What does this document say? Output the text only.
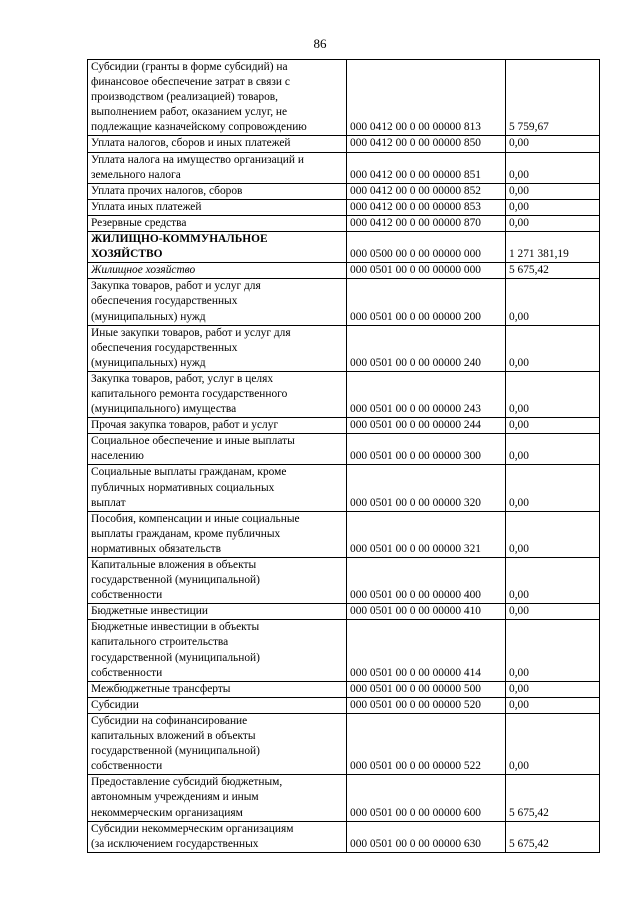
86
Субсидии (гранты в форме субсидий) на
финансовое обеспечение затрат в связи с
производством (реализацией) товаров,
выполнением работ, оказанием услуг, не
подлежащие казначейскому сопровождению	000 0412 00 0 00 00000 813	5 759,67

Уплата налогов, сборов и иных платежей	000 0412 00 0 00 00000 850	0,00

Уплата налога на имущество организаций и
земельного налога	000 0412 00 0 00 00000 851	0,00

Уплата прочих налогов, сборов	000 0412 00 0 00 00000 852	0,00

Уплата иных платежей	000 0412 00 0 00 00000 853	0,00

Резервные средства	000 0412 00 0 00 00000 870	0,00

ЖИЛИЩНО-КОММУНАЛЬНОЕ
ХОЗЯЙСТВО	000 0500 00 0 00 00000 000	1 271 381,19

Жилищное хозяйство	000 0501 00 0 00 00000 000	5 675,42

Закупка товаров, работ и услуг для
обеспечения государственных
(муниципальных) нужд	000 0501 00 0 00 00000 200	0,00

Иные закупки товаров, работ и услуг для
обеспечения государственных
(муниципальных) нужд	000 0501 00 0 00 00000 240	0,00

Закупка товаров, работ, услуг в целях
капитального ремонта государственного
(муниципального) имущества	000 0501 00 0 00 00000 243	0,00

Прочая закупка товаров, работ и услуг	000 0501 00 0 00 00000 244	0,00

Социальное обеспечение и иные выплаты
населению	000 0501 00 0 00 00000 300	0,00

Социальные выплаты гражданам, кроме
публичных нормативных социальных
выплат	000 0501 00 0 00 00000 320	0,00

Пособия, компенсации и иные социальные
выплаты гражданам, кроме публичных
нормативных обязательств	000 0501 00 0 00 00000 321	0,00

Капитальные вложения в объекты
государственной (муниципальной)
собственности	000 0501 00 0 00 00000 400	0,00

Бюджетные инвестиции	000 0501 00 0 00 00000 410	0,00

Бюджетные инвестиции в объекты
капитального строительства
государственной (муниципальной)
собственности	000 0501 00 0 00 00000 414	0,00

Межбюджетные трансферты	000 0501 00 0 00 00000 500	0,00

Субсидии	000 0501 00 0 00 00000 520	0,00

Субсидии на софинансирование
капитальных вложений в объекты
государственной (муниципальной)
собственности	000 0501 00 0 00 00000 522	0,00

Предоставление субсидий бюджетным,
автономным учреждениям и иным
некоммерческим организациям	000 0501 00 0 00 00000 600	5 675,42

Субсидии некоммерческим организациям
(за исключением государственных	000 0501 00 0 00 00000 630	5 675,42
